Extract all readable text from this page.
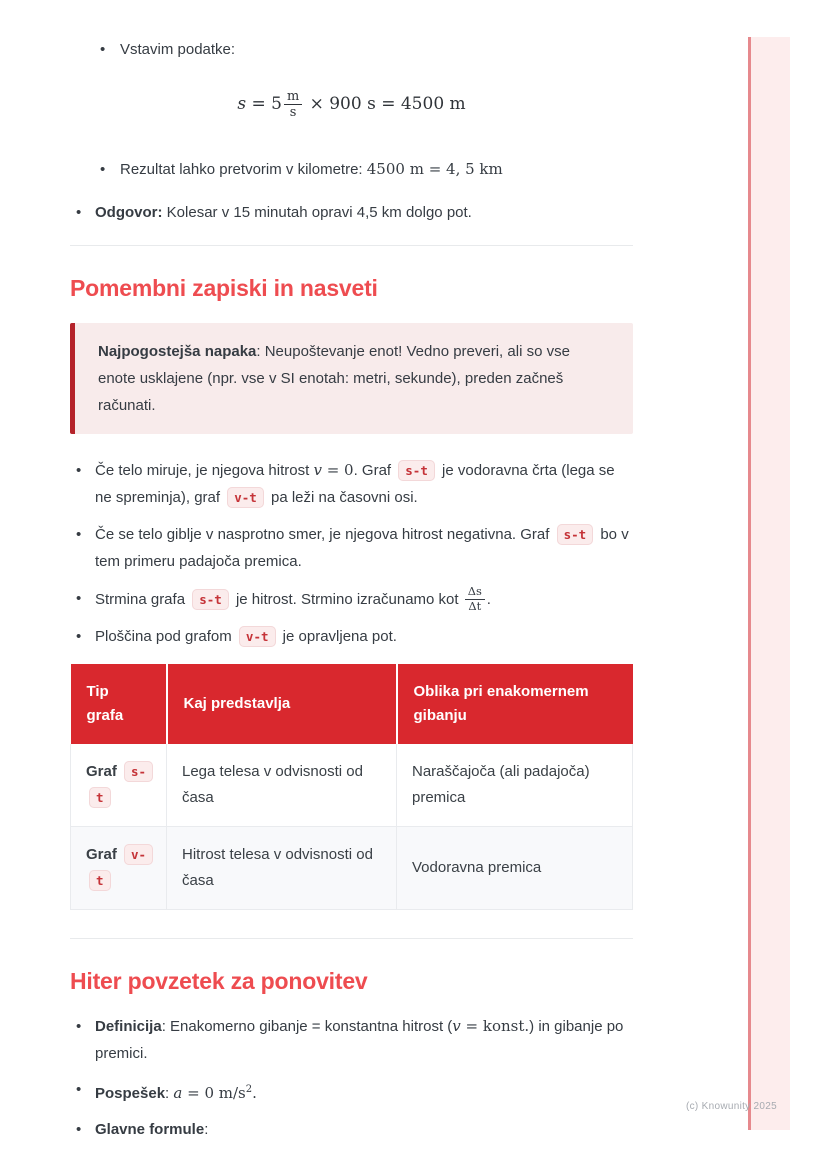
(c) Knowunity 2025
• Vstavim podatke:
$s = 5 \frac{m}{s} \times 900$ s = 4500 m
• Rezultat lahko pretvorim v kilometre: 4500 m = 4, 5 km
• Odgovor: Kolesar v 15 minutah opravi 4,5 km dolgo pot.
Pomembni zapiski in nasveti

Najpogostejša napaka: Neupoštevanje enot! Vedno preveri, ali so vse enote usklajene (npr. vse v SI enotah: metri, sekunde), preden začneš računati.

• Če telo miruje, je njegova hitrost v = 0. Graf s-t je vodoravna črta (lega se ne spreminja), graf v-t pa leži na časovni osi.
• Če se telo giblje v nasprotno smer, je njegova hitrost negativna. Graf s-t bo v tem primeru padajoča premica.
• Strmina grafa s-t je hitrost. Strmino izračunamo kot $\frac{\Delta s}{\Delta t}$ .
• Ploščina pod grafom v-t je opravljena pot.
Tip grafa	Kaj predstavlja	Oblika pri enakomernem gibanju
Graf s-t	Lega telesa v odvisnosti od časa	Naraščajoča (ali padajoča) premica
Graf v-t	Hitrost telesa v odvisnosti od časa	Vodoravna premica
Hiter povzetek za ponovitev
• Definicija: Enakomerno gibanje = konstantna hitrost (v = konst.) in gibanje po premici.
• Pospešek: a = 0 $m/s^2$.
• Glavne formule:
